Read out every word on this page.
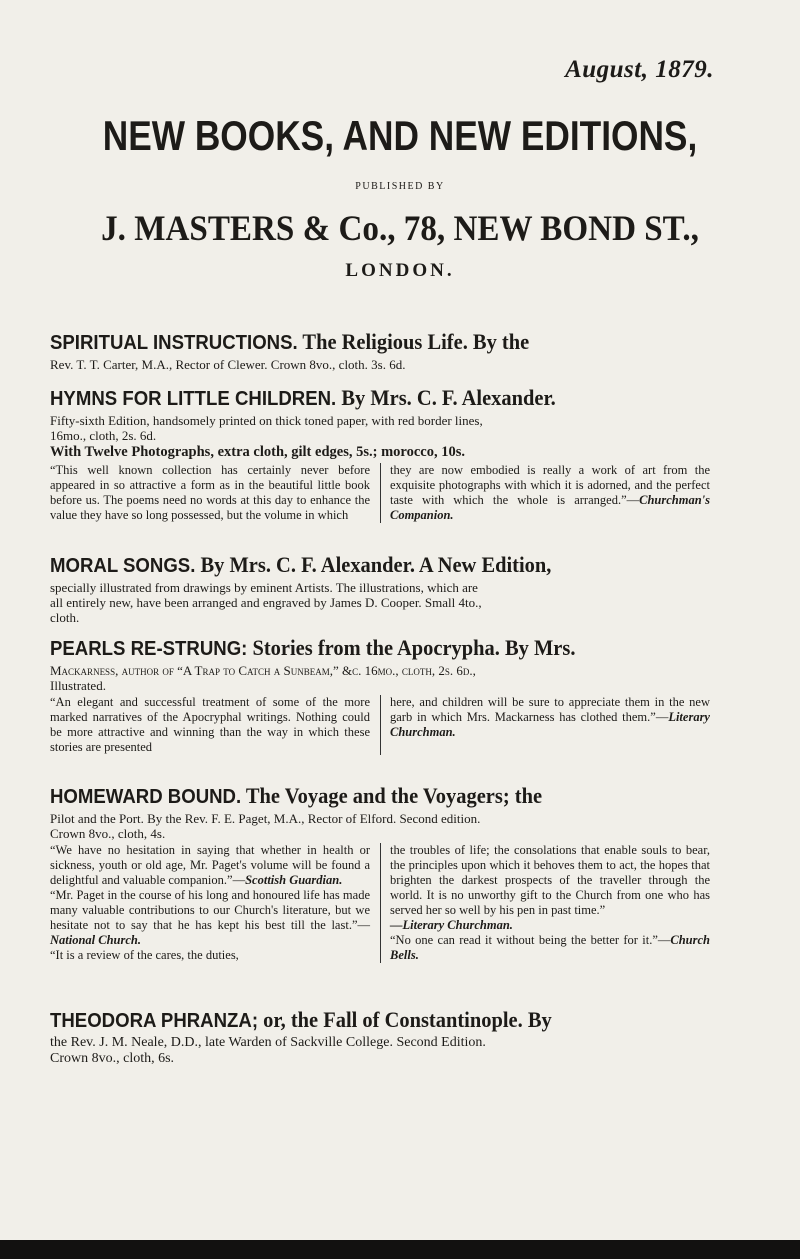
August, 1879.
NEW BOOKS, AND NEW EDITIONS,
PUBLISHED BY
J. MASTERS & Co., 78, NEW BOND ST.,
LONDON.
SPIRITUAL INSTRUCTIONS. The Religious Life. By the
Rev. T. T. Carter, M.A., Rector of Clewer. Crown 8vo., cloth. 3s. 6d.
HYMNS FOR LITTLE CHILDREN. By Mrs. C. F. Alexander.
Fifty-sixth Edition, handsomely printed on thick toned paper, with red border lines,
16mo., cloth, 2s. 6d.
With Twelve Photographs, extra cloth, gilt edges, 5s.; morocco, 10s.
“This well known collection has certainly never before appeared in so attractive a form as in the beautiful little book before us. The poems need no words at this day to enhance the value they have so long possessed, but the volume in which
they are now embodied is really a work of art from the exquisite photographs with which it is adorned, and the perfect taste with which the whole is arranged.”—Churchman's Companion.
MORAL SONGS. By Mrs. C. F. Alexander. A New Edition,
specially illustrated from drawings by eminent Artists. The illustrations, which are
all entirely new, have been arranged and engraved by James D. Cooper. Small 4to.,
cloth.
PEARLS RE-STRUNG: Stories from the Apocrypha. By Mrs.
Mackarness, author of “A Trap to Catch a Sunbeam,” &c. 16mo., cloth, 2s. 6d.,
Illustrated.
“An elegant and successful treatment of some of the more marked narratives of the Apocryphal writings. Nothing could be more attractive and winning than the way in which these stories are presented
here, and children will be sure to appreciate them in the new garb in which Mrs. Mackarness has clothed them.”—Literary Churchman.
HOMEWARD BOUND. The Voyage and the Voyagers; the
Pilot and the Port. By the Rev. F. E. Paget, M.A., Rector of Elford. Second edition.
Crown 8vo., cloth, 4s.
“We have no hesitation in saying that whether in health or sickness, youth or old age, Mr. Paget's volume will be found a delightful and valuable companion.”—Scottish Guardian.
“Mr. Paget in the course of his long and honoured life has made many valuable contributions to our Church's literature, but we hesitate not to say that he has kept his best till the last.”—National Church.
“It is a review of the cares, the duties,
the troubles of life; the consolations that enable souls to bear, the principles upon which it behoves them to act, the hopes that brighten the darkest prospects of the traveller through the world. It is no unworthy gift to the Church from one who has served her so well by his pen in past time.”
—Literary Churchman.
“No one can read it without being the better for it.”—Church Bells.
THEODORA PHRANZA; or, the Fall of Constantinople. By
the Rev. J. M. Neale, D.D., late Warden of Sackville College. Second Edition.
Crown 8vo., cloth, 6s.
